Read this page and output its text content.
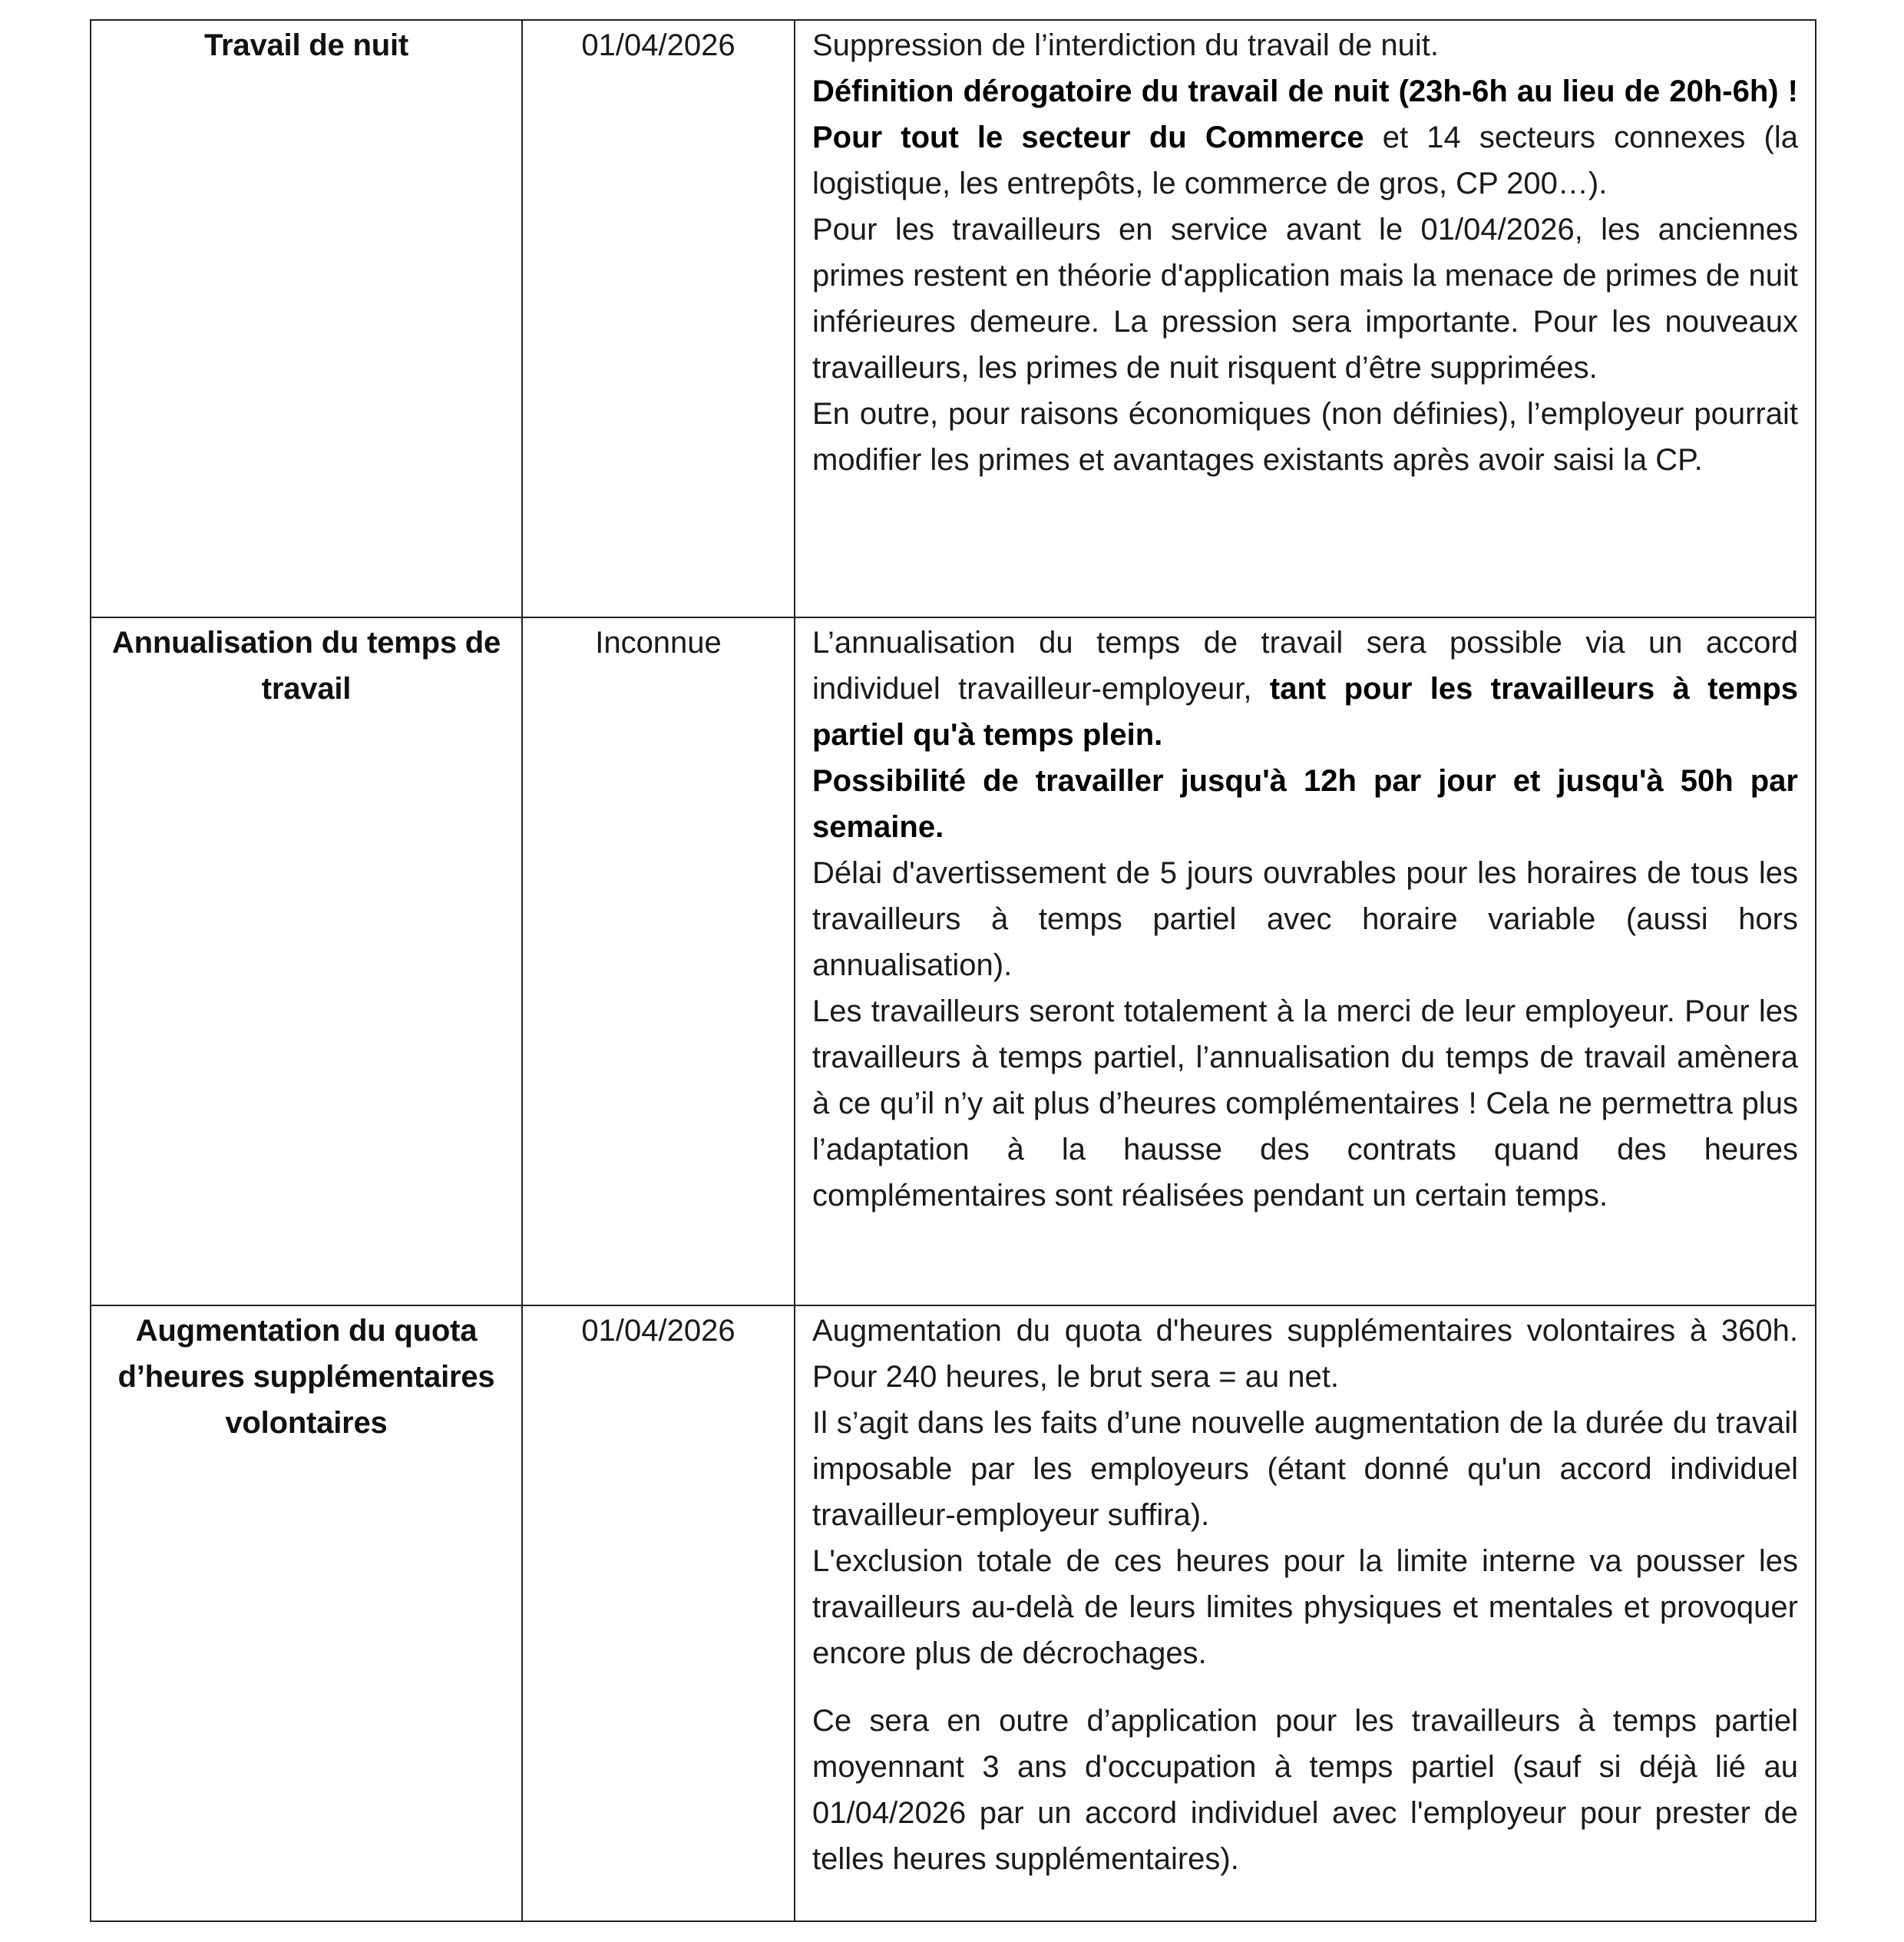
Travail de nuit	01/04/2026	Suppression de l’interdiction du travail de nuit.

Définition dérogatoire du travail de nuit (23h-6h au lieu de 20h-6h) ! Pour tout le secteur du Commerce et 14 secteurs connexes (la logistique, les entrepôts, le commerce de gros, CP 200…).

Pour les travailleurs en service avant le 01/04/2026, les anciennes primes restent en théorie d'application mais la menace de primes de nuit inférieures demeure. La pression sera importante. Pour les nouveaux travailleurs, les primes de nuit risquent d’être supprimées.

En outre, pour raisons économiques (non définies), l’employeur pourrait modifier les primes et avantages existants après avoir saisi la CP.

Annualisation du temps de travail	Inconnue	L’annualisation du temps de travail sera possible via un accord individuel travailleur-employeur, tant pour les travailleurs à temps partiel qu'à temps plein.

Possibilité de travailler jusqu'à 12h par jour et jusqu'à 50h par semaine.

Délai d'avertissement de 5 jours ouvrables pour les horaires de tous les travailleurs à temps partiel avec horaire variable (aussi hors annualisation).

Les travailleurs seront totalement à la merci de leur employeur. Pour les travailleurs à temps partiel, l’annualisation du temps de travail amènera à ce qu’il n’y ait plus d’heures complémentaires ! Cela ne permettra plus l’adaptation à la hausse des contrats quand des heures complémentaires sont réalisées pendant un certain temps.

Augmentation du quota d’heures supplémentaires volontaires	01/04/2026	Augmentation du quota d'heures supplémentaires volontaires à 360h. Pour 240 heures, le brut sera = au net.

Il s’agit dans les faits d’une nouvelle augmentation de la durée du travail imposable par les employeurs (étant donné qu'un accord individuel travailleur-employeur suffira).

L'exclusion totale de ces heures pour la limite interne va pousser les travailleurs au-delà de leurs limites physiques et mentales et provoquer encore plus de décrochages.

Ce sera en outre d’application pour les travailleurs à temps partiel moyennant 3 ans d'occupation à temps partiel (sauf si déjà lié au 01/04/2026 par un accord individuel avec l'employeur pour prester de telles heures supplémentaires).
